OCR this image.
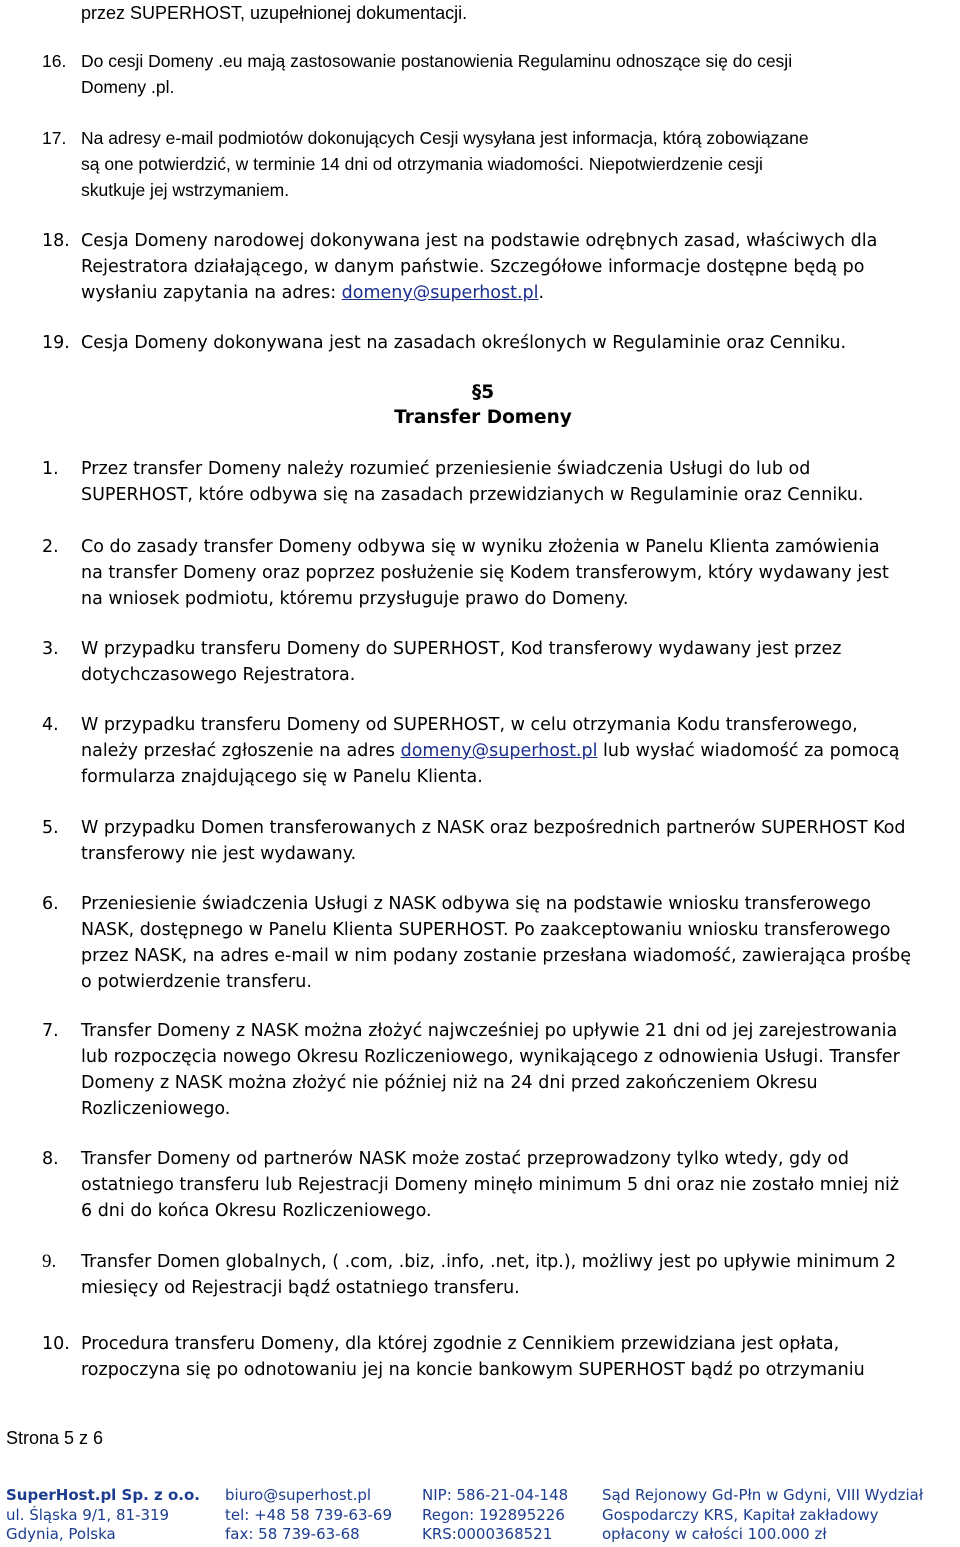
przez SUPERHOST, uzupełnionej dokumentacji.
16. Do cesji Domeny .eu mają zastosowanie postanowienia Regulaminu odnoszące się do cesji
Domeny .pl.
17. Na adresy e-mail podmiotów dokonujących Cesji wysyłana jest informacja, którą zobowiązane
są one potwierdzić, w terminie 14 dni od otrzymania wiadomości. Niepotwierdzenie cesji
skutkuje jej wstrzymaniem.
18. Cesja Domeny narodowej dokonywana jest na podstawie odrębnych zasad, właściwych dla
Rejestratora działającego, w danym państwie. Szczegółowe informacje dostępne będą po
wysłaniu zapytania na adres: domeny@superhost.pl.
19. Cesja Domeny dokonywana jest na zasadach określonych w Regulaminie oraz Cenniku.
§5
Transfer Domeny
1. Przez transfer Domeny należy rozumieć przeniesienie świadczenia Usługi do lub od
SUPERHOST, które odbywa się na zasadach przewidzianych w Regulaminie oraz Cenniku.
2. Co do zasady transfer Domeny odbywa się w wyniku złożenia w Panelu Klienta zamówienia
na transfer Domeny oraz poprzez posłużenie się Kodem transferowym, który wydawany jest
na wniosek podmiotu, któremu przysługuje prawo do Domeny.
3. W przypadku transferu Domeny do SUPERHOST, Kod transferowy wydawany jest przez
dotychczasowego Rejestratora.
4. W przypadku transferu Domeny od SUPERHOST, w celu otrzymania Kodu transferowego,
należy przesłać zgłoszenie na adres domeny@superhost.pl lub wysłać wiadomość za pomocą
formularza znajdującego się w Panelu Klienta.
5. W przypadku Domen transferowanych z NASK oraz bezpośrednich partnerów SUPERHOST Kod
transferowy nie jest wydawany.
6. Przeniesienie świadczenia Usługi z NASK odbywa się na podstawie wniosku transferowego
NASK, dostępnego w Panelu Klienta SUPERHOST. Po zaakceptowaniu wniosku transferowego
przez NASK, na adres e-mail w nim podany zostanie przesłana wiadomość, zawierająca prośbę
o potwierdzenie transferu.
7. Transfer Domeny z NASK można złożyć najwcześniej po upływie 21 dni od jej zarejestrowania
lub rozpoczęcia nowego Okresu Rozliczeniowego, wynikającego z odnowienia Usługi. Transfer
Domeny z NASK można złożyć nie później niż na 24 dni przed zakończeniem Okresu
Rozliczeniowego.
8. Transfer Domeny od partnerów NASK może zostać przeprowadzony tylko wtedy, gdy od
ostatniego transferu lub Rejestracji Domeny minęło minimum 5 dni oraz nie zostało mniej niż
6 dni do końca Okresu Rozliczeniowego.
9. Transfer Domen globalnych, ( .com, .biz, .info, .net, itp.), możliwy jest po upływie minimum 2
miesięcy od Rejestracji bądź ostatniego transferu.
10. Procedura transferu Domeny, dla której zgodnie z Cennikiem przewidziana jest opłata,
rozpoczyna się po odnotowaniu jej na koncie bankowym SUPERHOST bądź po otrzymaniu
Strona 5 z 6
SuperHost.pl Sp. z o.o.
ul. Śląska 9/1, 81-319
Gdynia, Polska
biuro@superhost.pl
tel: +48 58 739-63-69
fax: 58 739-63-68
NIP: 586-21-04-148
Regon: 192895226
KRS:0000368521
Sąd Rejonowy Gd-Płn w Gdyni, VIII Wydział
Gospodarczy KRS, Kapitał zakładowy
opłacony w całości 100.000 zł
